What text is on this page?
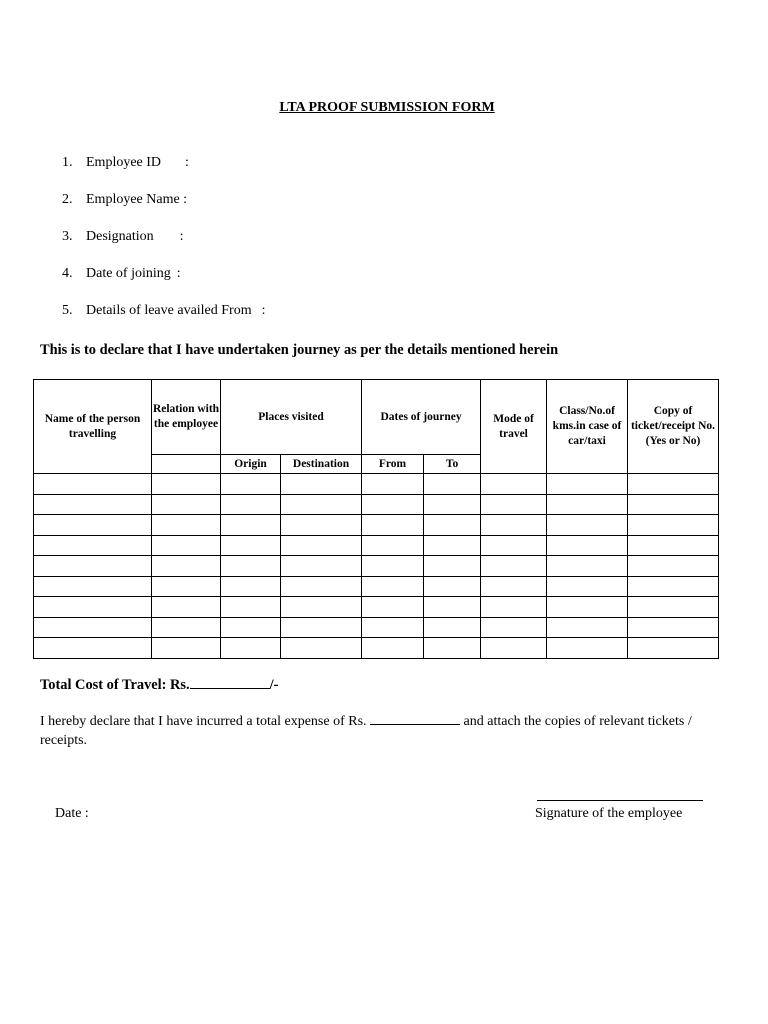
LTA PROOF SUBMISSION FORM
1. Employee ID :
2. Employee Name :
3. Designation :
4. Date of joining :
5. Details of leave availed From :
This is to declare that I have undertaken journey as per the details mentioned herein
Name of the person travelling	Relation with the employee	Places visited		Dates of journey		Mode of travel	Class/No.of kms.in case of car/taxi	Copy of ticket/receipt No.
(Yes or No)
		Origin	Destination	From	To			

Total Cost of Travel: Rs.	/-
I hereby declare that I have incurred a total expense of Rs.	and attach the copies of relevant tickets / receipts.
Date :	Signature of the employee
